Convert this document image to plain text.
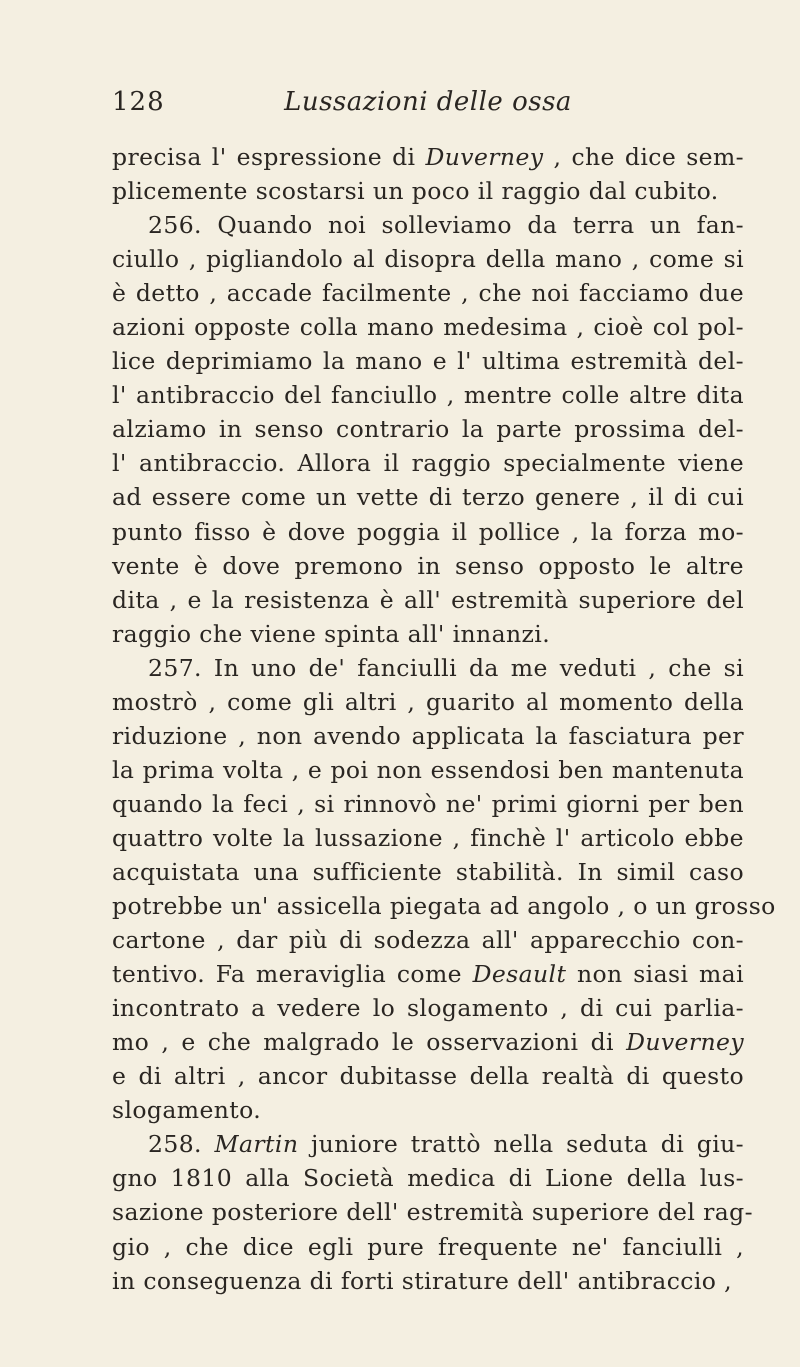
128	Lussazioni delle ossa
precisa l' espressione di Duverney , che dice sem-
plicemente scostarsi un poco il raggio dal cubito.
256. Quando noi solleviamo da terra un fan-
ciullo , pigliandolo al disopra della mano , come si
è detto , accade facilmente , che noi facciamo due
azioni opposte colla mano medesima , cioè col pol-
lice deprimiamo la mano e l' ultima estremità del-
l' antibraccio del fanciullo , mentre colle altre dita
alziamo in senso contrario la parte prossima del-
l' antibraccio. Allora il raggio specialmente viene
ad essere come un vette di terzo genere , il di cui
punto fisso è dove poggia il pollice , la forza mo-
vente è dove premono in senso opposto le altre
dita , e la resistenza è all' estremità superiore del
raggio che viene spinta all' innanzi.
257. In uno de' fanciulli da me veduti , che si
mostrò , come gli altri , guarito al momento della
riduzione , non avendo applicata la fasciatura per
la prima volta , e poi non essendosi ben mantenuta
quando la feci , si rinnovò ne' primi giorni per ben
quattro volte la lussazione , finchè l' articolo ebbe
acquistata una sufficiente stabilità. In simil caso
potrebbe un' assicella piegata ad angolo , o un grosso
cartone , dar più di sodezza all' apparecchio con-
tentivo. Fa meraviglia come Desault non siasi mai
incontrato a vedere lo slogamento , di cui parlia-
mo , e che malgrado le osservazioni di Duverney
e di altri , ancor dubitasse della realtà di questo
slogamento.
258. Martin juniore trattò nella seduta di giu-
gno 1810 alla Società medica di Lione della lus-
sazione posteriore dell' estremità superiore del rag-
gio , che dice egli pure frequente ne' fanciulli ,
in conseguenza di forti stirature dell' antibraccio ,
